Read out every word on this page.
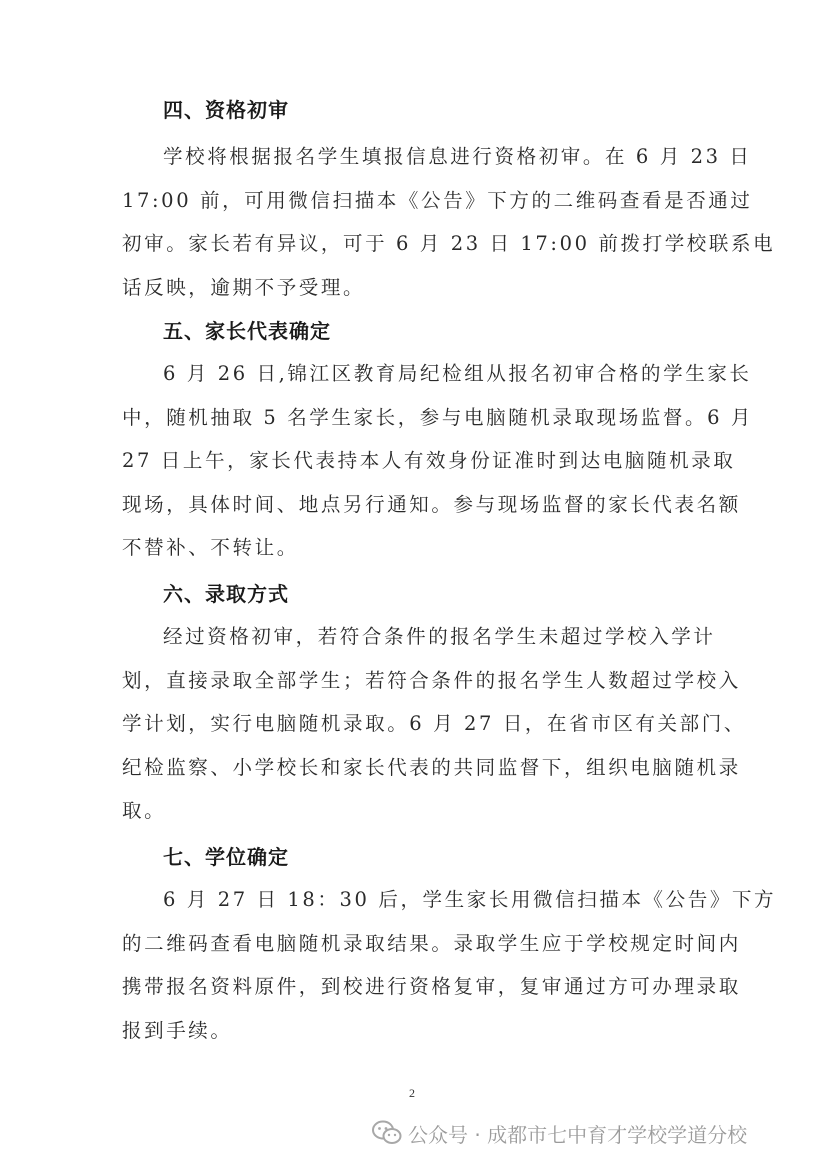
四、资格初审
学校将根据报名学生填报信息进行资格初审。在 6 月 23 日
17:00 前，可用微信扫描本《公告》下方的二维码查看是否通过
初审。家长若有异议，可于 6 月 23 日 17:00 前拨打学校联系电
话反映，逾期不予受理。
五、家长代表确定
6 月 26 日,锦江区教育局纪检组从报名初审合格的学生家长
中，随机抽取 5 名学生家长，参与电脑随机录取现场监督。6 月
27 日上午，家长代表持本人有效身份证准时到达电脑随机录取
现场，具体时间、地点另行通知。参与现场监督的家长代表名额
不替补、不转让。
六、录取方式
经过资格初审，若符合条件的报名学生未超过学校入学计
划，直接录取全部学生；若符合条件的报名学生人数超过学校入
学计划，实行电脑随机录取。6 月 27 日，在省市区有关部门、
纪检监察、小学校长和家长代表的共同监督下，组织电脑随机录
取。
七、学位确定
6 月 27 日 18：30 后，学生家长用微信扫描本《公告》下方
的二维码查看电脑随机录取结果。录取学生应于学校规定时间内
携带报名资料原件，到校进行资格复审，复审通过方可办理录取
报到手续。
2
公众号 · 成都市七中育才学校学道分校
